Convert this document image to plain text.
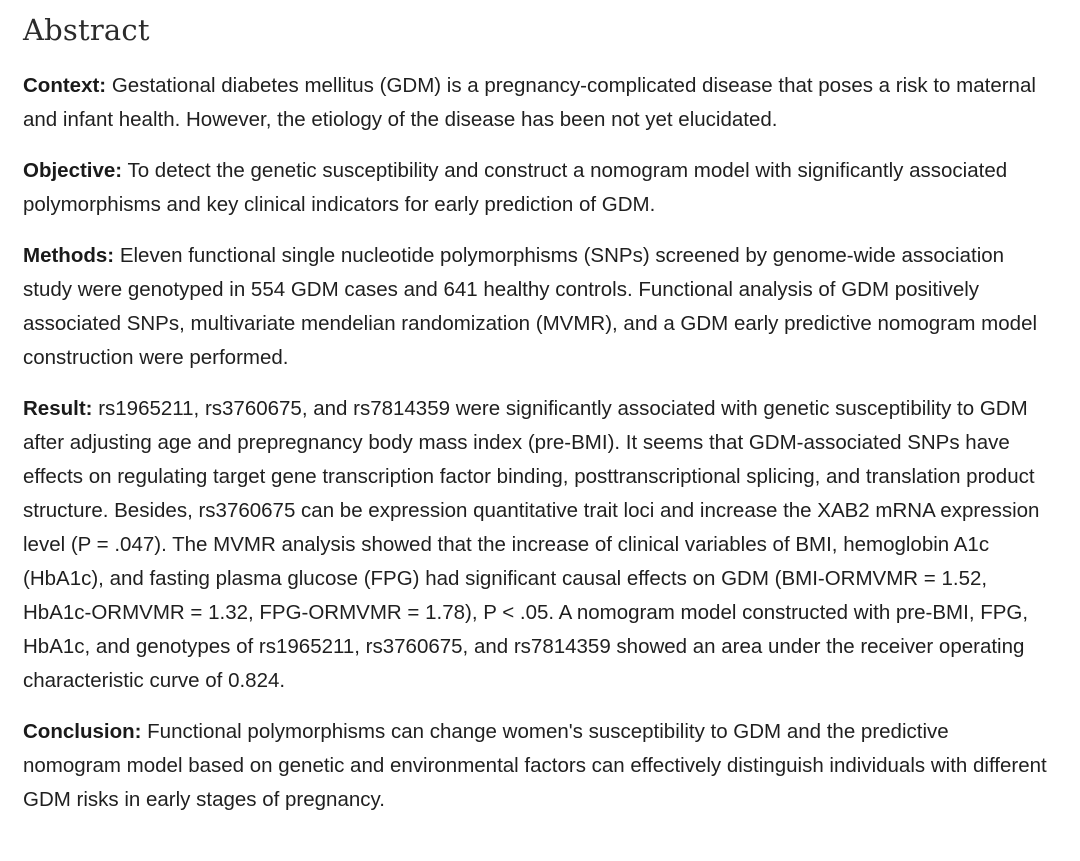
Abstract

Context: Gestational diabetes mellitus (GDM) is a pregnancy-complicated disease that poses a risk to maternal and infant health. However, the etiology of the disease has been not yet elucidated.

Objective: To detect the genetic susceptibility and construct a nomogram model with significantly associated polymorphisms and key clinical indicators for early prediction of GDM.

Methods: Eleven functional single nucleotide polymorphisms (SNPs) screened by genome-wide association study were genotyped in 554 GDM cases and 641 healthy controls. Functional analysis of GDM positively associated SNPs, multivariate mendelian randomization (MVMR), and a GDM early predictive nomogram model construction were performed.

Result: rs1965211, rs3760675, and rs7814359 were significantly associated with genetic susceptibility to GDM after adjusting age and prepregnancy body mass index (pre-BMI). It seems that GDM-associated SNPs have effects on regulating target gene transcription factor binding, posttranscriptional splicing, and translation product structure. Besides, rs3760675 can be expression quantitative trait loci and increase the XAB2 mRNA expression level (P = .047). The MVMR analysis showed that the increase of clinical variables of BMI, hemoglobin A1c (HbA1c), and fasting plasma glucose (FPG) had significant causal effects on GDM (BMI-ORMVMR = 1.52, HbA1c-ORMVMR = 1.32, FPG-ORMVMR = 1.78), P < .05. A nomogram model constructed with pre-BMI, FPG, HbA1c, and genotypes of rs1965211, rs3760675, and rs7814359 showed an area under the receiver operating characteristic curve of 0.824.

Conclusion: Functional polymorphisms can change women's susceptibility to GDM and the predictive nomogram model based on genetic and environmental factors can effectively distinguish individuals with different GDM risks in early stages of pregnancy.
